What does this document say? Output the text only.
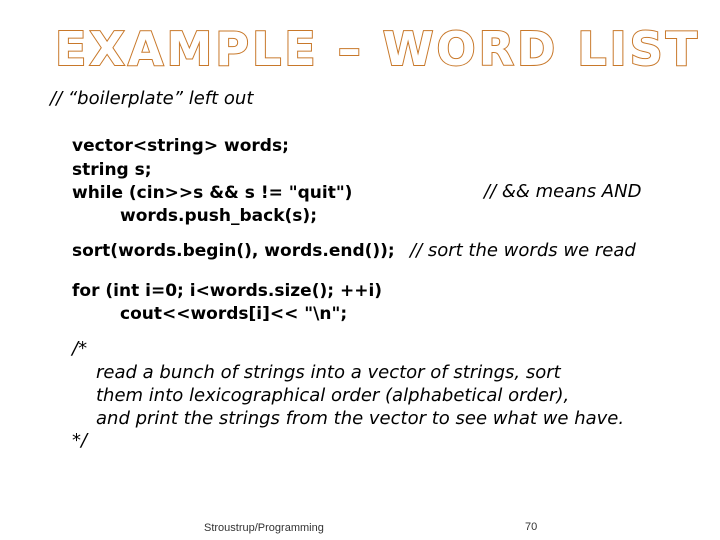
EXAMPLE – WORD LIST
// “boilerplate” left out
vector<string> words;
string s;
while (cin>>s && s != "quit")	// && means AND
words.push_back(s);
sort(words.begin(), words.end()); // sort the words we read
for (int i=0; i<words.size(); ++i)
cout<<words[i]<< "\n";
/*
read a bunch of strings into a vector of strings, sort
them into lexicographical order (alphabetical order),
and print the strings from the vector to see what we have.
*/
Stroustrup/Programming	70
